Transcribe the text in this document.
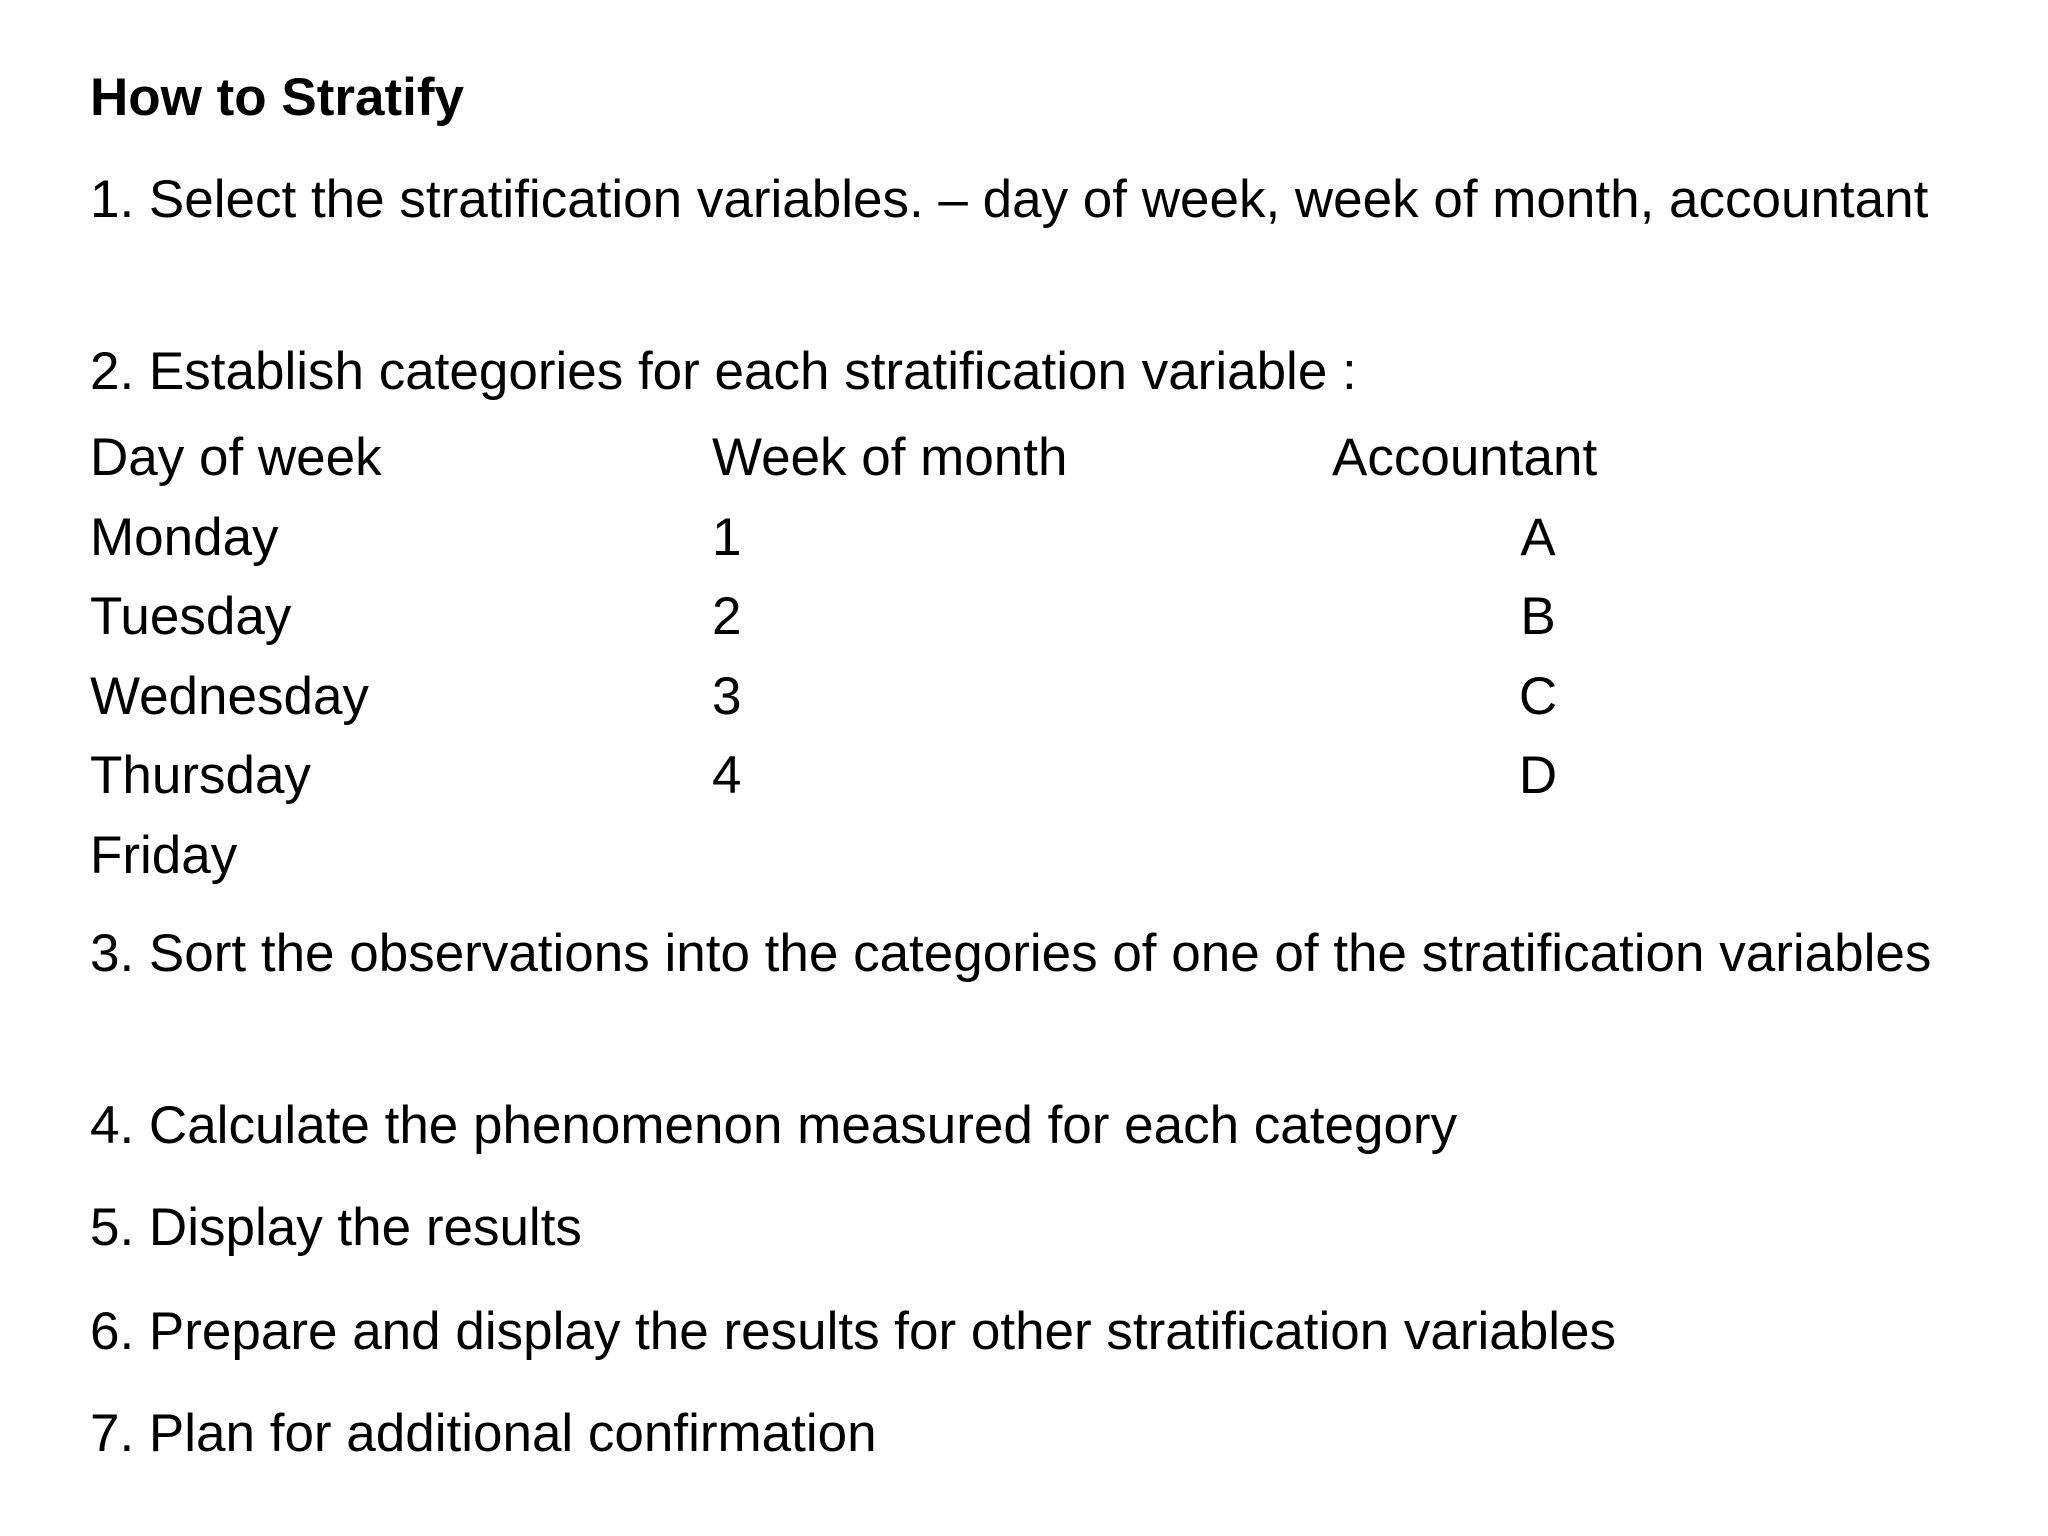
How to Stratify
1. Select the stratification variables. – day of week, week of month, accountant
2. Establish categories for each stratification variable :
Day of week	Week of month	Accountant
Monday	1	A
Tuesday	2	B
Wednesday	3	C
Thursday	4	D
Friday
3. Sort the observations into the categories of one of the stratification variables
4. Calculate the phenomenon measured for each category
5. Display the results
6. Prepare and display the results for other stratification variables
7. Plan for additional confirmation
